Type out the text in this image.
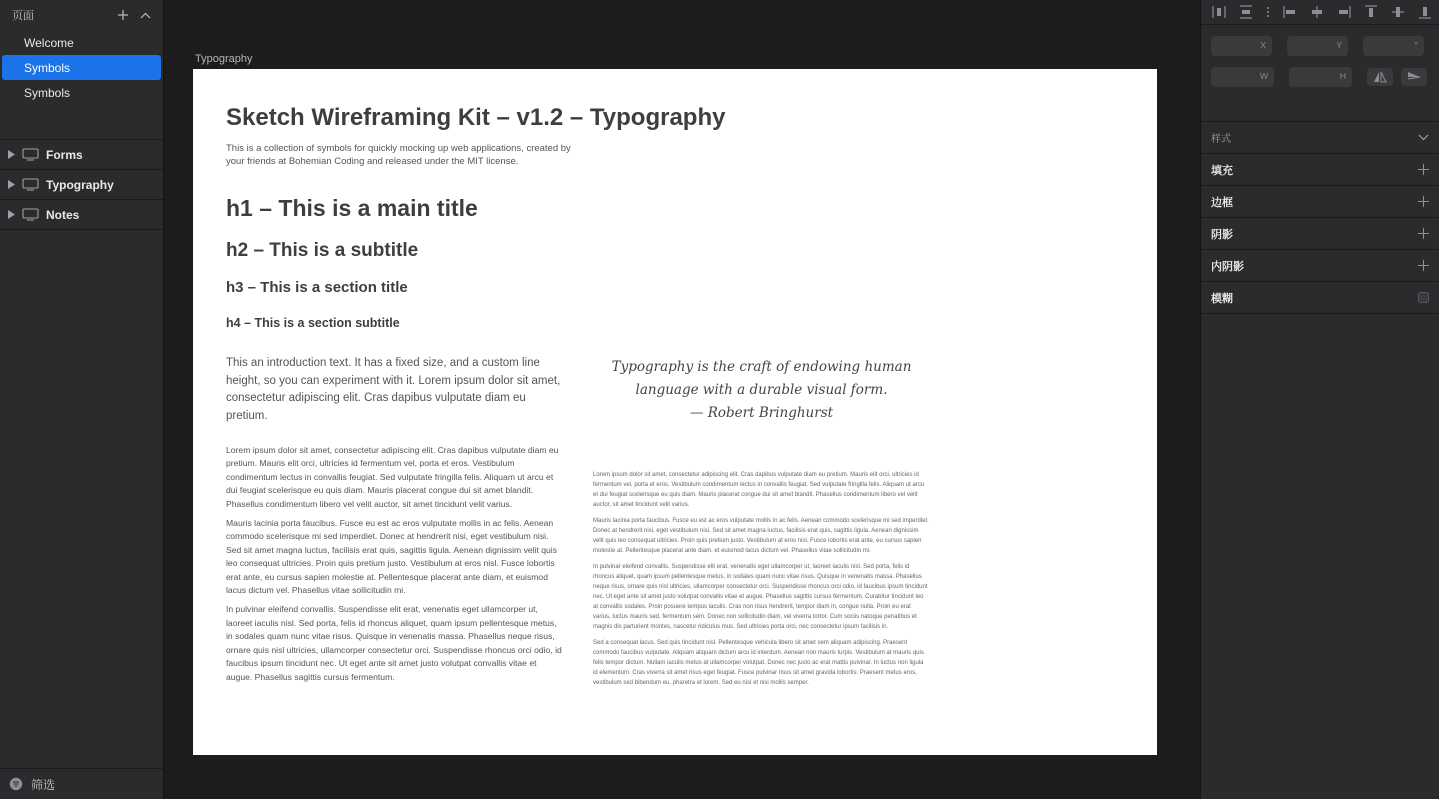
页面
Welcome
Symbols
Symbols
Forms
Typography
Notes
筛选
Typography
Sketch Wireframing Kit – v1.2 – Typography
This is a collection of symbols for quickly mocking up web applications, created by your friends at Bohemian Coding and released under the MIT license.
h1 – This is a main title
h2 – This is a subtitle
h3 – This is a section title
h4 – This is a section subtitle
This an introduction text. It has a fixed size, and a custom line height, so you can experiment with it. Lorem ipsum dolor sit amet, consectetur adipiscing elit. Cras dapibus vulputate diam eu pretium.
Typography is the craft of endowing human
language with a durable visual form.
— Robert Bringhurst

Lorem ipsum dolor sit amet, consectetur adipiscing elit. Cras dapibus vulputate diam eu pretium. Mauris elit orci, ultricies id fermentum vel, porta et eros. Vestibulum condimentum lectus in convallis feugiat. Sed vulputate fringilla felis. Aliquam ut arcu et dui feugiat scelerisque eu quis diam. Mauris placerat congue dui sit amet blandit. Phasellus condimentum libero vel velit auctor, sit amet tincidunt velit varius.

Mauris lacinia porta faucibus. Fusce eu est ac eros vulputate mollis in ac felis. Aenean commodo scelerisque mi sed imperdiet. Donec at hendrerit nisi, eget vestibulum nisi. Sed sit amet magna luctus, facilisis erat quis, sagittis ligula. Aenean dignissim velit quis leo consequat ultricies. Proin quis pretium justo. Vestibulum at eros nisl. Fusce lobortis erat ante, eu cursus sapien molestie at. Pellentesque placerat ante diam, et euismod lacus dictum vel. Phasellus vitae sollicitudin mi.

In pulvinar eleifend convallis. Suspendisse elit erat, venenatis eget ullamcorper ut, laoreet iaculis nisl. Sed porta, felis id rhoncus aliquet, quam ipsum pellentesque metus, in sodales quam nunc vitae risus. Quisque in venenatis massa. Phasellus neque risus, ornare quis nisl ultricies, ullamcorper consectetur orci. Suspendisse rhoncus orci odio, id faucibus ipsum tincidunt nec. Ut eget ante sit amet justo volutpat convallis vitae et augue. Phasellus sagittis cursus fermentum.

Lorem ipsum dolor sit amet, consectetur adipiscing elit. Cras dapibus vulputate diam eu pretium. Mauris elit orci, ultricies id fermentum vel, porta et eros. Vestibulum condimentum lectus in convallis feugiat. Sed vulputate fringilla felis. Aliquam ut arcu et dui feugiat scelerisque eu quis diam. Mauris placerat congue dui sit amet blandit. Phasellus condimentum libero vel velit auctor, sit amet tincidunt velit varius.

Mauris lacinia porta faucibus. Fusce eu est ac eros vulputate mollis in ac felis. Aenean commodo scelerisque mi sed imperdiet. Donec at hendrerit nisi, eget vestibulum nisi. Sed sit amet magna luctus, facilisis erat quis, sagittis ligula. Aenean dignissim velit quis leo consequat ultricies. Proin quis pretium justo. Vestibulum at eros nisl. Fusce lobortis erat ante, eu cursus sapien molestie at. Pellentesque placerat ante diam, et euismod lacus dictum vel. Phasellus vitae sollicitudin mi.

In pulvinar eleifend convallis. Suspendisse elit erat, venenatis eget ullamcorper ut, laoreet iaculis nisl. Sed porta, felis id rhoncus aliquet, quam ipsum pellentesque metus, in sodales quam nunc vitae risus. Quisque in venenatis massa. Phasellus neque risus, ornare quis nisl ultricies, ullamcorper consectetur orci. Suspendisse rhoncus orci odio, id faucibus ipsum tincidunt nec. Ut eget ante sit amet justo volutpat convallis vitae et augue. Phasellus sagittis cursus fermentum. Curabitur tincidunt leo at convallis sodales. Proin posuere tempus iaculis. Cras non risus hendrerit, tempor diam in, congue nulla. Proin eu erat varius, luctus mauris sed, fermentum sem. Donec non sollicitudin diam, vel viverra tortor. Cum sociis natoque penatibus et magnis dis parturient montes, nascetur ridiculus mus. Sed ultricies porta orci, nec consectetur ipsum facilisis in.

Sed a consequat lacus. Sed quis tincidunt nisl. Pellentesque vehicula libero sit amet sem aliquam adipiscing. Praesent commodo faucibus vulputate. Aliquam aliquam dictum arcu id interdum. Aenean non mauris turpis. Vestibulum at mauris quis felis tempor dictum. Nullam iaculis metus at ullamcorper volutpat. Donec nec justo ac erat mattis pulvinar. In luctus non ligula id elementum. Cras viverra sit amet risus eget feugiat. Fusce pulvinar risus sit amet gravida lobortis. Praesent metus eros, vestibulum sed bibendum eu, pharetra et lorem. Sed eu nisl et nisi mollis semper.

X	Y	°
W	H
样式
填充
边框
阴影
内阴影
模糊
